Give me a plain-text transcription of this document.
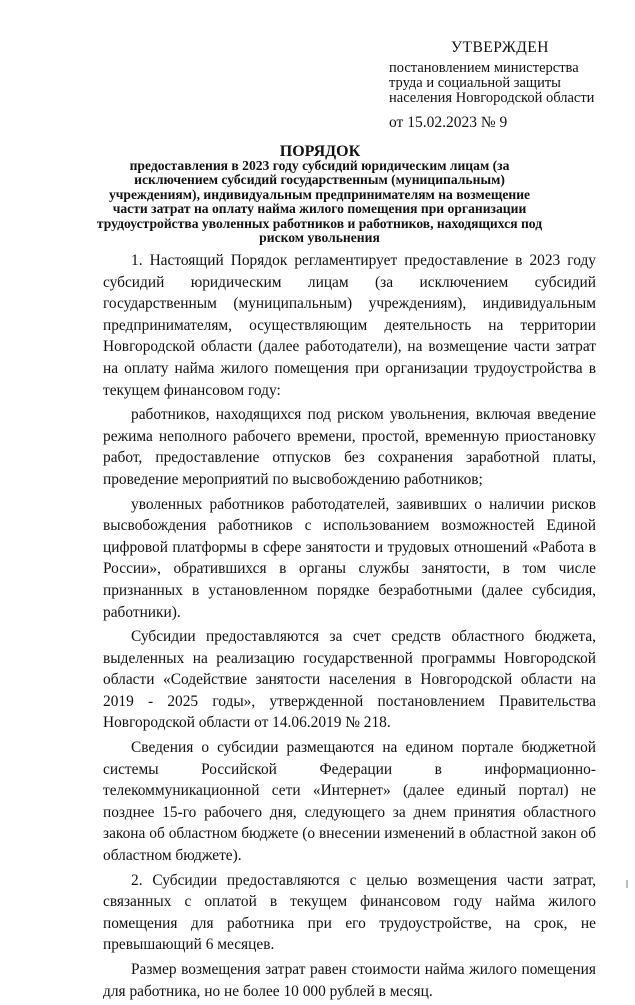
УТВЕРЖДЕН
постановлением министерства
труда и социальной защиты
населения Новгородской области
от 15.02.2023 № 9
ПОРЯДОК
предоставления в 2023 году субсидий юридическим лицам (за исключением субсидий государственным (муниципальным) учреждениям), индивидуальным предпринимателям на возмещение части затрат на оплату найма жилого помещения при организации трудоустройства уволенных работников и работников, находящихся под риском увольнения

1. Настоящий Порядок регламентирует предоставление в 2023 году субсидий юридическим лицам (за исключением субсидий государственным (муниципальным) учреждениям), индивидуальным предпринимателям, осуществляющим деятельность на территории Новгородской области (далее работодатели), на возмещение части затрат на оплату найма жилого помещения при организации трудоустройства в текущем финансовом году:

работников, находящихся под риском увольнения, включая введение режима неполного рабочего времени, простой, временную приостановку работ, предоставление отпусков без сохранения заработной платы, проведение мероприятий по высвобождению работников;

уволенных работников работодателей, заявивших о наличии рисков высвобождения работников с использованием возможностей Единой цифровой платформы в сфере занятости и трудовых отношений «Работа в России», обратившихся в органы службы занятости, в том числе признанных в установленном порядке безработными (далее субсидия, работники).

Субсидии предоставляются за счет средств областного бюджета, выделенных на реализацию государственной программы Новгородской области «Содействие занятости населения в Новгородской области на 2019 - 2025 годы», утвержденной постановлением Правительства Новгородской области от 14.06.2019 № 218.

Сведения о субсидии размещаются на едином портале бюджетной системы Российской Федерации в информационно-телекоммуникационной сети «Интернет» (далее единый портал) не позднее 15-го рабочего дня, следующего за днем принятия областного закона об областном бюджете (о внесении изменений в областной закон об областном бюджете).

2. Субсидии предоставляются с целью возмещения части затрат, связанных с оплатой в текущем финансовом году найма жилого помещения для работника при его трудоустройстве, на срок, не превышающий 6 месяцев.

Размер возмещения затрат равен стоимости найма жилого помещения для работника, но не более 10 000 рублей в месяц.
